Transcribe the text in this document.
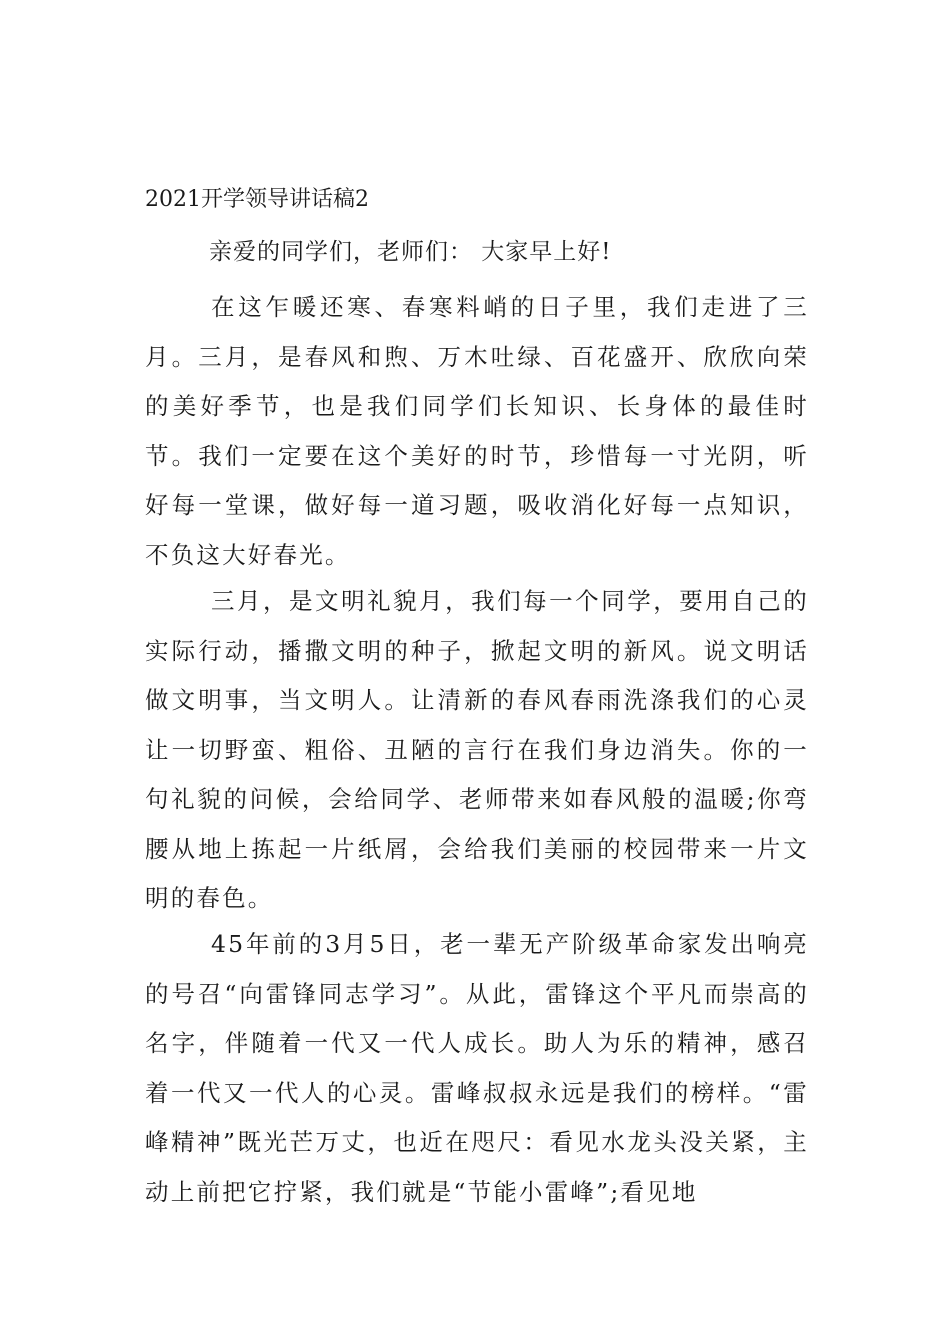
2021开学领导讲话稿2
亲爱的同学们，老师们： 大家早上好!

在这乍暖还寒、春寒料峭的日子里，我们走进了三月。三月，是春风和煦、万木吐绿、百花盛开、欣欣向荣的美好季节，也是我们同学们长知识、长身体的最佳时节。我们一定要在这个美好的时节，珍惜每一寸光阴，听好每一堂课，做好每一道习题，吸收消化好每一点知识，不负这大好春光。

三月，是文明礼貌月，我们每一个同学，要用自己的实际行动，播撒文明的种子，掀起文明的新风。说文明话做文明事，当文明人。让清新的春风春雨洗涤我们的心灵让一切野蛮、粗俗、丑陋的言行在我们身边消失。你的一句礼貌的问候，会给同学、老师带来如春风般的温暖;你弯腰从地上拣起一片纸屑，会给我们美丽的校园带来一片文明的春色。

45年前的3月5日，老一辈无产阶级革命家发出响亮的号召“向雷锋同志学习”。从此，雷锋这个平凡而崇高的名字，伴随着一代又一代人成长。助人为乐的精神，感召着一代又一代人的心灵。雷峰叔叔永远是我们的榜样。“雷峰精神”既光芒万丈，也近在咫尺：看见水龙头没关紧，主动上前把它拧紧，我们就是“节能小雷峰”;看见地
